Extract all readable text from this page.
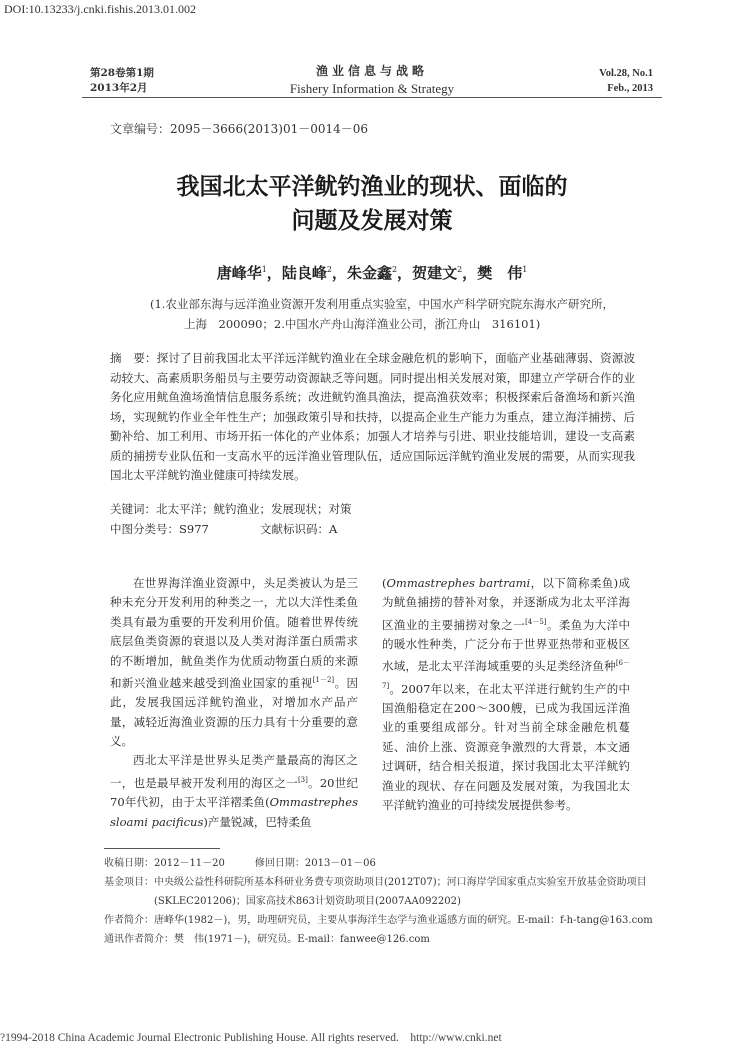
DOI:10.13233/j.cnki.fishis.2013.01.002
第28卷第1期
2013年2月
渔业信息与战略
Fishery Information & Strategy
Vol.28, No.1
Feb., 2013
文章编号：2095－3666(2013)01－0014－06
我国北太平洋鱿钓渔业的现状、面临的
问题及发展对策
唐峰华$^1$，陆良峰$^2$，朱金鑫$^2$，贺建文$^2$，樊　伟$^1$
(1.农业部东海与远洋渔业资源开发利用重点实验室，中国水产科学研究院东海水产研究所，
上海　200090；2.中国水产舟山海洋渔业公司，浙江舟山　316101)
摘　要：探讨了目前我国北太平洋远洋鱿钓渔业在全球金融危机的影响下，面临产业基础薄弱、资源波动较大、高素质职务船员与主要劳动资源缺乏等问题。同时提出相关发展对策，即建立产学研合作的业务化应用鱿鱼渔场渔情信息服务系统；改进鱿钓渔具渔法，提高渔获效率；积极探索后备渔场和新兴渔场，实现鱿钓作业全年性生产；加强政策引导和扶持，以提高企业生产能力为重点，建立海洋捕捞、后勤补给、加工利用、市场开拓一体化的产业体系；加强人才培养与引进、职业技能培训，建设一支高素质的捕捞专业队伍和一支高水平的远洋渔业管理队伍，适应国际远洋鱿钓渔业发展的需要，从而实现我国北太平洋鱿钓渔业健康可持续发展。
关键词：北太平洋；鱿钓渔业；发展现状；对策
中图分类号：S977	文献标识码：A

在世界海洋渔业资源中，头足类被认为是三种未充分开发利用的种类之一，尤以大洋性柔鱼类具有最为重要的开发利用价值。随着世界传统底层鱼类资源的衰退以及人类对海洋蛋白质需求的不断增加，鱿鱼类作为优质动物蛋白质的来源和新兴渔业越来越受到渔业国家的重视[1－2]。因此，发展我国远洋鱿钓渔业，对增加水产品产量，减轻近海渔业资源的压力具有十分重要的意义。

西北太平洋是世界头足类产量最高的海区之一，也是最早被开发利用的海区之一[3]。20世纪70年代初，由于太平洋褶柔鱼(Ommastrephes sloami pacificus)产量锐减，巴特柔鱼

(Ommastrephes bartrami，以下简称柔鱼)成为鱿鱼捕捞的替补对象，并逐渐成为北太平洋海区渔业的主要捕捞对象之一[4－5]。柔鱼为大洋中的暖水性种类，广泛分布于世界亚热带和亚极区水域，是北太平洋海域重要的头足类经济鱼种[6－7]。2007年以来，在北太平洋进行鱿钓生产的中国渔船稳定在200～300艘，已成为我国远洋渔业的重要组成部分。针对当前全球金融危机蔓延、油价上涨、资源竞争激烈的大背景，本文通过调研，结合相关报道，探讨我国北太平洋鱿钓渔业的现状、存在问题及发展对策，为我国北太平洋鱿钓渔业的可持续发展提供参考。

收稿日期：2012－11－20	修回日期：2013－01－06
基金项目： 中央级公益性科研院所基本科研业务费专项资助项目(2012T07)；河口海岸学国家重点实验室开放基金资助项目(SKLEC201206)；国家高技术863计划资助项目(2007AA092202)
作者简介： 唐峰华(1982－)，男，助理研究员，主要从事海洋生态学与渔业遥感方面的研究。E-mail：f-h-tang@163.com
通讯作者简介： 樊　伟(1971－)，研究员。E-mail：fanwee@126.com
?1994-2018 China Academic Journal Electronic Publishing House. All rights reserved.    http://www.cnki.net
